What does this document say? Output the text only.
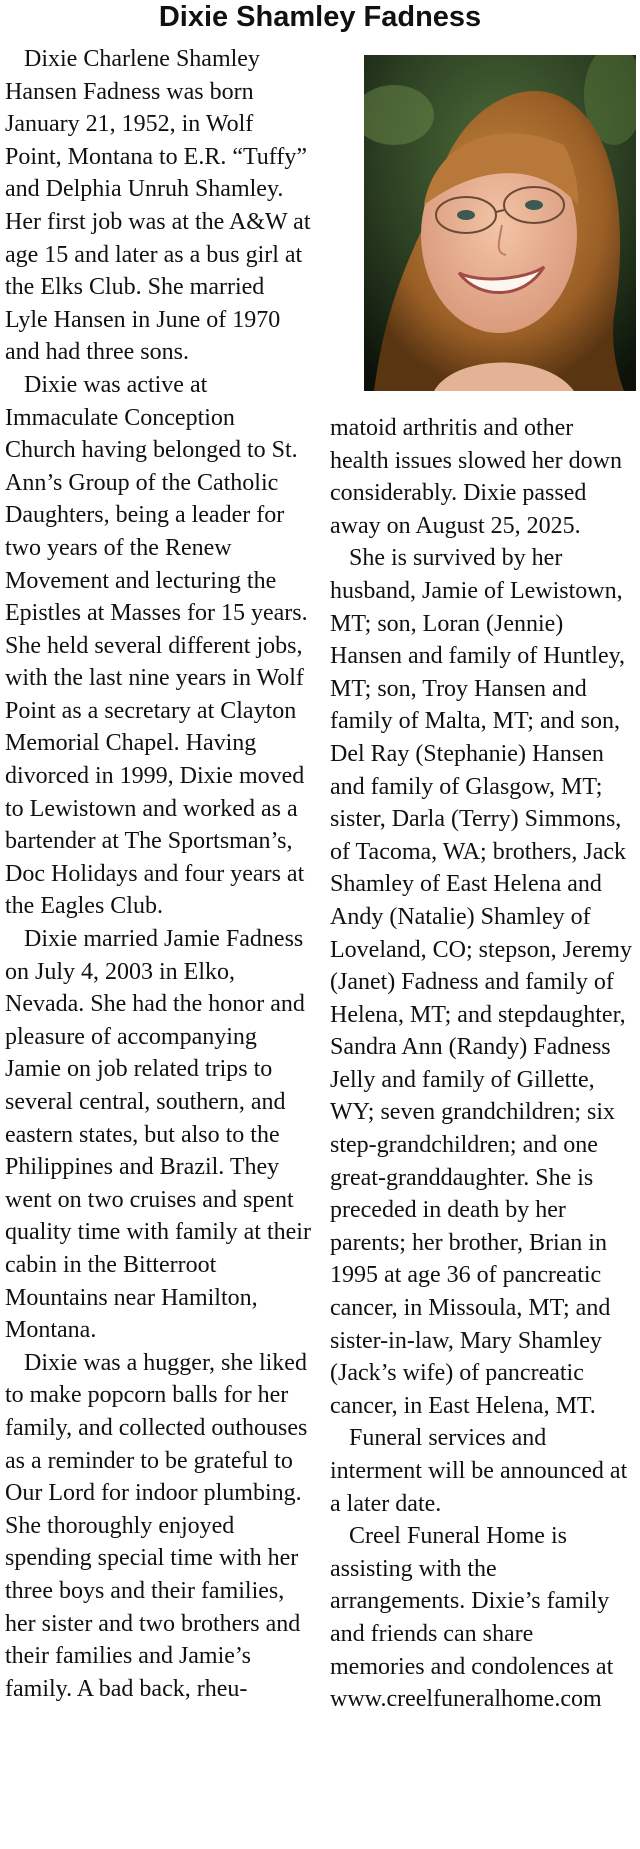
Dixie Shamley Fadness

Dixie Charlene Shamley Hansen Fadness was born January 21, 1952, in Wolf Point, Montana to E.R. “Tuffy” and Delphia Unruh Shamley. Her first job was at the A&W at age 15 and later as a bus girl at the Elks Club. She married Lyle Hansen in June of 1970 and had three sons.

Dixie was active at Immaculate Conception Church having belonged to St. Ann’s Group of the Catholic Daughters, being a leader for two years of the Renew Movement and lecturing the Epistles at Masses for 15 years. She held several different jobs, with the last nine years in Wolf Point as a secretary at Clayton Memorial Chapel. Having divorced in 1999, Dixie moved to Lewistown and worked as a bartender at The Sportsman’s, Doc Holidays and four years at the Eagles Club.

Dixie married Jamie Fadness on July 4, 2003 in Elko, Nevada. She had the honor and pleasure of accompanying Jamie on job related trips to several central, southern, and eastern states, but also to the Philippines and Brazil. They went on two cruises and spent quality time with family at their cabin in the Bitterroot Mountains near Hamilton, Montana.

Dixie was a hugger, she liked to make popcorn balls for her family, and collected outhouses as a reminder to be grateful to Our Lord for indoor plumbing. She thoroughly enjoyed spending special time with her three boys and their families, her sister and two brothers and their families and Jamie’s family. A bad back, rheu-

matoid arthritis and other health issues slowed her down considerably. Dixie passed away on August 25, 2025.

She is survived by her husband, Jamie of Lewistown, MT; son, Loran (Jennie) Hansen and family of Huntley, MT; son, Troy Hansen and family of Malta, MT; and son, Del Ray (Stephanie) Hansen and family of Glasgow, MT; sister, Darla (Terry) Simmons, of Tacoma, WA; brothers, Jack Shamley of East Helena and Andy (Natalie) Shamley of Loveland, CO; stepson, Jeremy (Janet) Fadness and family of Helena, MT; and stepdaughter, Sandra Ann (Randy) Fadness Jelly and family of Gillette, WY; seven grandchildren; six step-grandchildren; and one great-granddaughter. She is preceded in death by her parents; her brother, Brian in 1995 at age 36 of pancreatic cancer, in Missoula, MT; and sister-in-law, Mary Shamley (Jack’s wife) of pancreatic cancer, in East Helena, MT.

Funeral services and interment will be announced at a later date.

Creel Funeral Home is assisting with the arrangements. Dixie’s family and friends can share memories and condolences at www.creelfuneralhome.com
